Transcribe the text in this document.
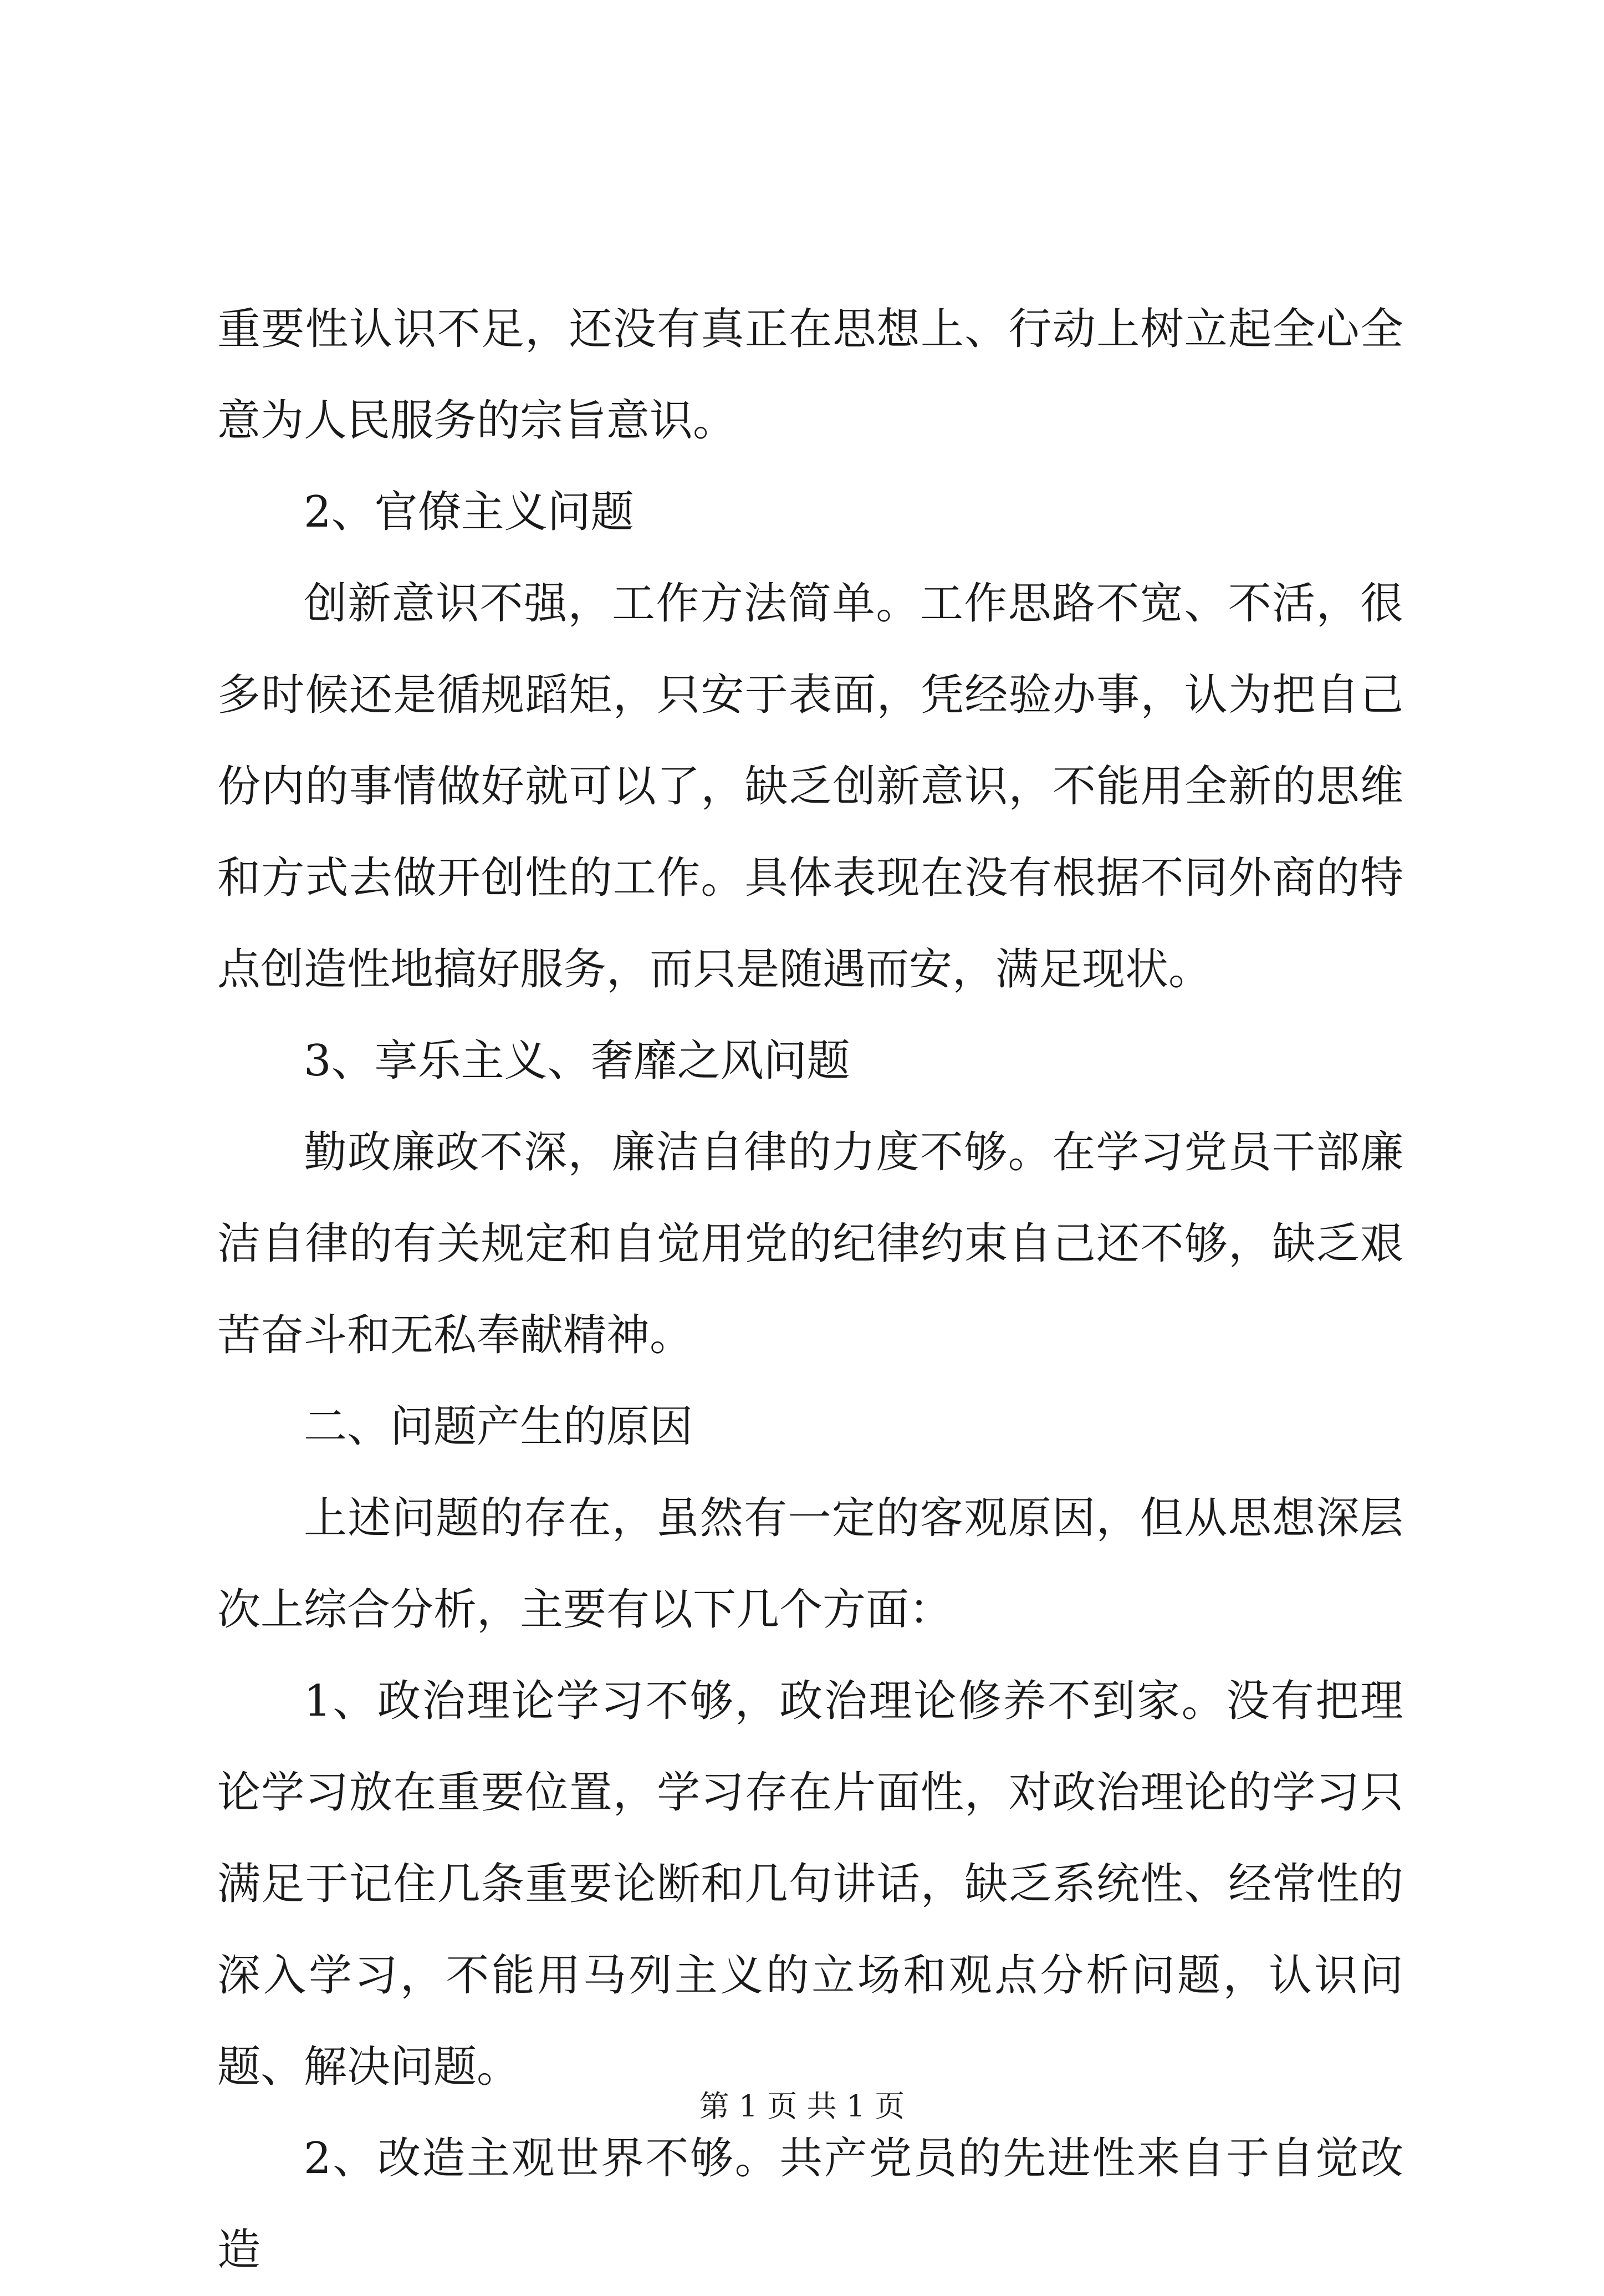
重要性认识不足，还没有真正在思想上、行动上树立起全心全意为人民服务的宗旨意识。

2、官僚主义问题

创新意识不强，工作方法简单。工作思路不宽、不活，很多时候还是循规蹈矩，只安于表面，凭经验办事，认为把自己份内的事情做好就可以了，缺乏创新意识，不能用全新的思维和方式去做开创性的工作。具体表现在没有根据不同外商的特点创造性地搞好服务，而只是随遇而安，满足现状。

3、享乐主义、奢靡之风问题

勤政廉政不深，廉洁自律的力度不够。在学习党员干部廉洁自律的有关规定和自觉用党的纪律约束自己还不够，缺乏艰苦奋斗和无私奉献精神。

二、问题产生的原因

上述问题的存在，虽然有一定的客观原因，但从思想深层次上综合分析，主要有以下几个方面：

1、政治理论学习不够，政治理论修养不到家。没有把理论学习放在重要位置，学习存在片面性，对政治理论的学习只满足于记住几条重要论断和几句讲话，缺乏系统性、经常性的深入学习，不能用马列主义的立场和观点分析问题，认识问题、解决问题。

2、改造主观世界不够。共产党员的先进性来自于自觉改造

第 1 页 共 1 页
